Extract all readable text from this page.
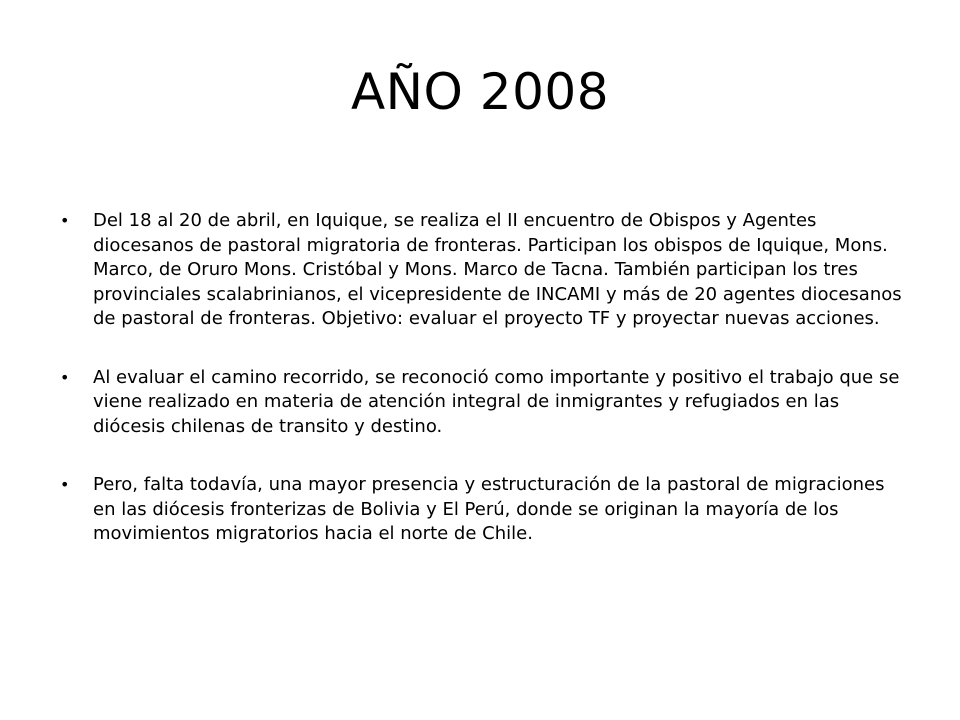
AÑO 2008
• Del 18 al 20 de abril, en Iquique, se realiza el II encuentro de Obispos y Agentes diocesanos de pastoral migratoria de fronteras. Participan los obispos de Iquique, Mons. Marco, de Oruro Mons. Cristóbal y Mons. Marco de Tacna. También participan los tres provinciales scalabrinianos, el vicepresidente de INCAMI y más de 20 agentes diocesanos de pastoral de fronteras. Objetivo: evaluar el proyecto TF y proyectar nuevas acciones.
• Al evaluar el camino recorrido, se reconoció como importante y positivo el trabajo que se viene realizado en materia de atención integral de inmigrantes y refugiados en las diócesis chilenas de transito y destino.
• Pero, falta todavía, una mayor presencia y estructuración de la pastoral de migraciones en las diócesis fronterizas de Bolivia y El Perú, donde se originan la mayoría de los movimientos migratorios hacia el norte de Chile.
